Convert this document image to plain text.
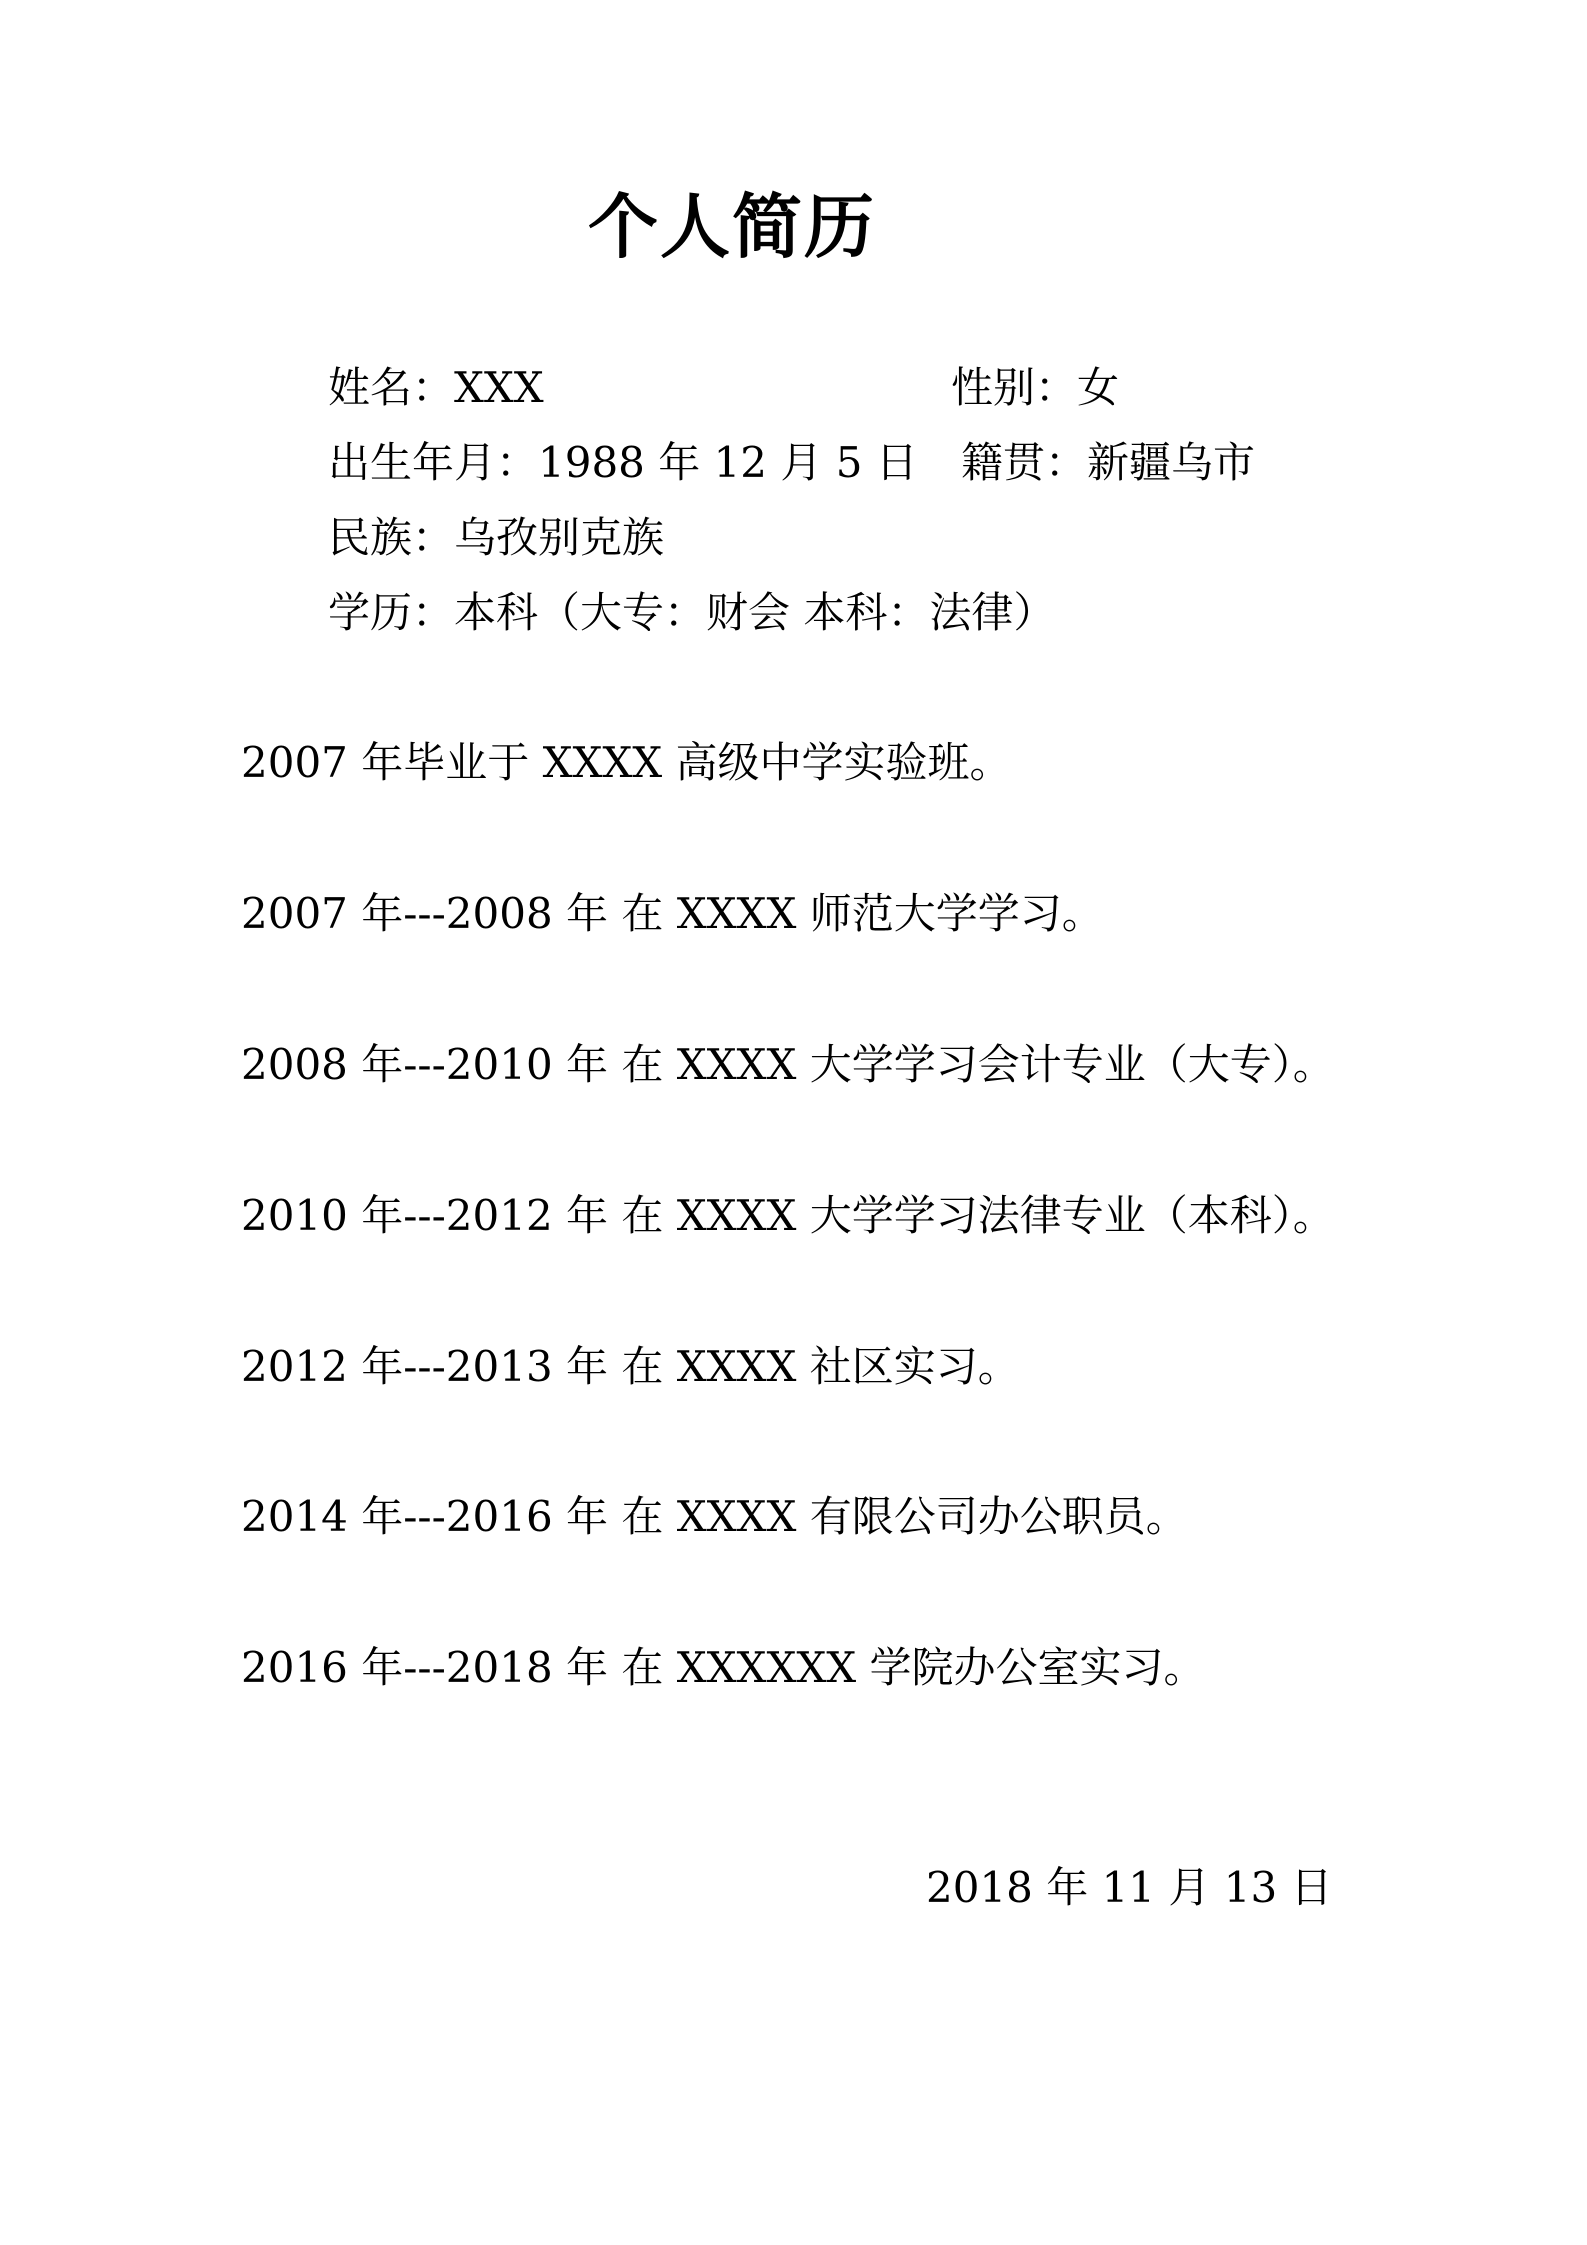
个人简历
姓名：XXX	性别：女
出生年月：1988 年 12 月 5 日 籍贯：新疆乌市
民族：乌孜别克族
学历：本科（大专：财会 本科：法律）
2007 年毕业于 XXXX 高级中学实验班。
2007 年---2008 年 在 XXXX 师范大学学习。
2008 年---2010 年 在 XXXX 大学学习会计专业（大专）。
2010 年---2012 年 在 XXXX 大学学习法律专业（本科）。
2012 年---2013 年 在 XXXX 社区实习。
2014 年---2016 年 在 XXXX 有限公司办公职员。
2016 年---2018 年 在 XXXXXX 学院办公室实习。
2018 年 11 月 13 日
